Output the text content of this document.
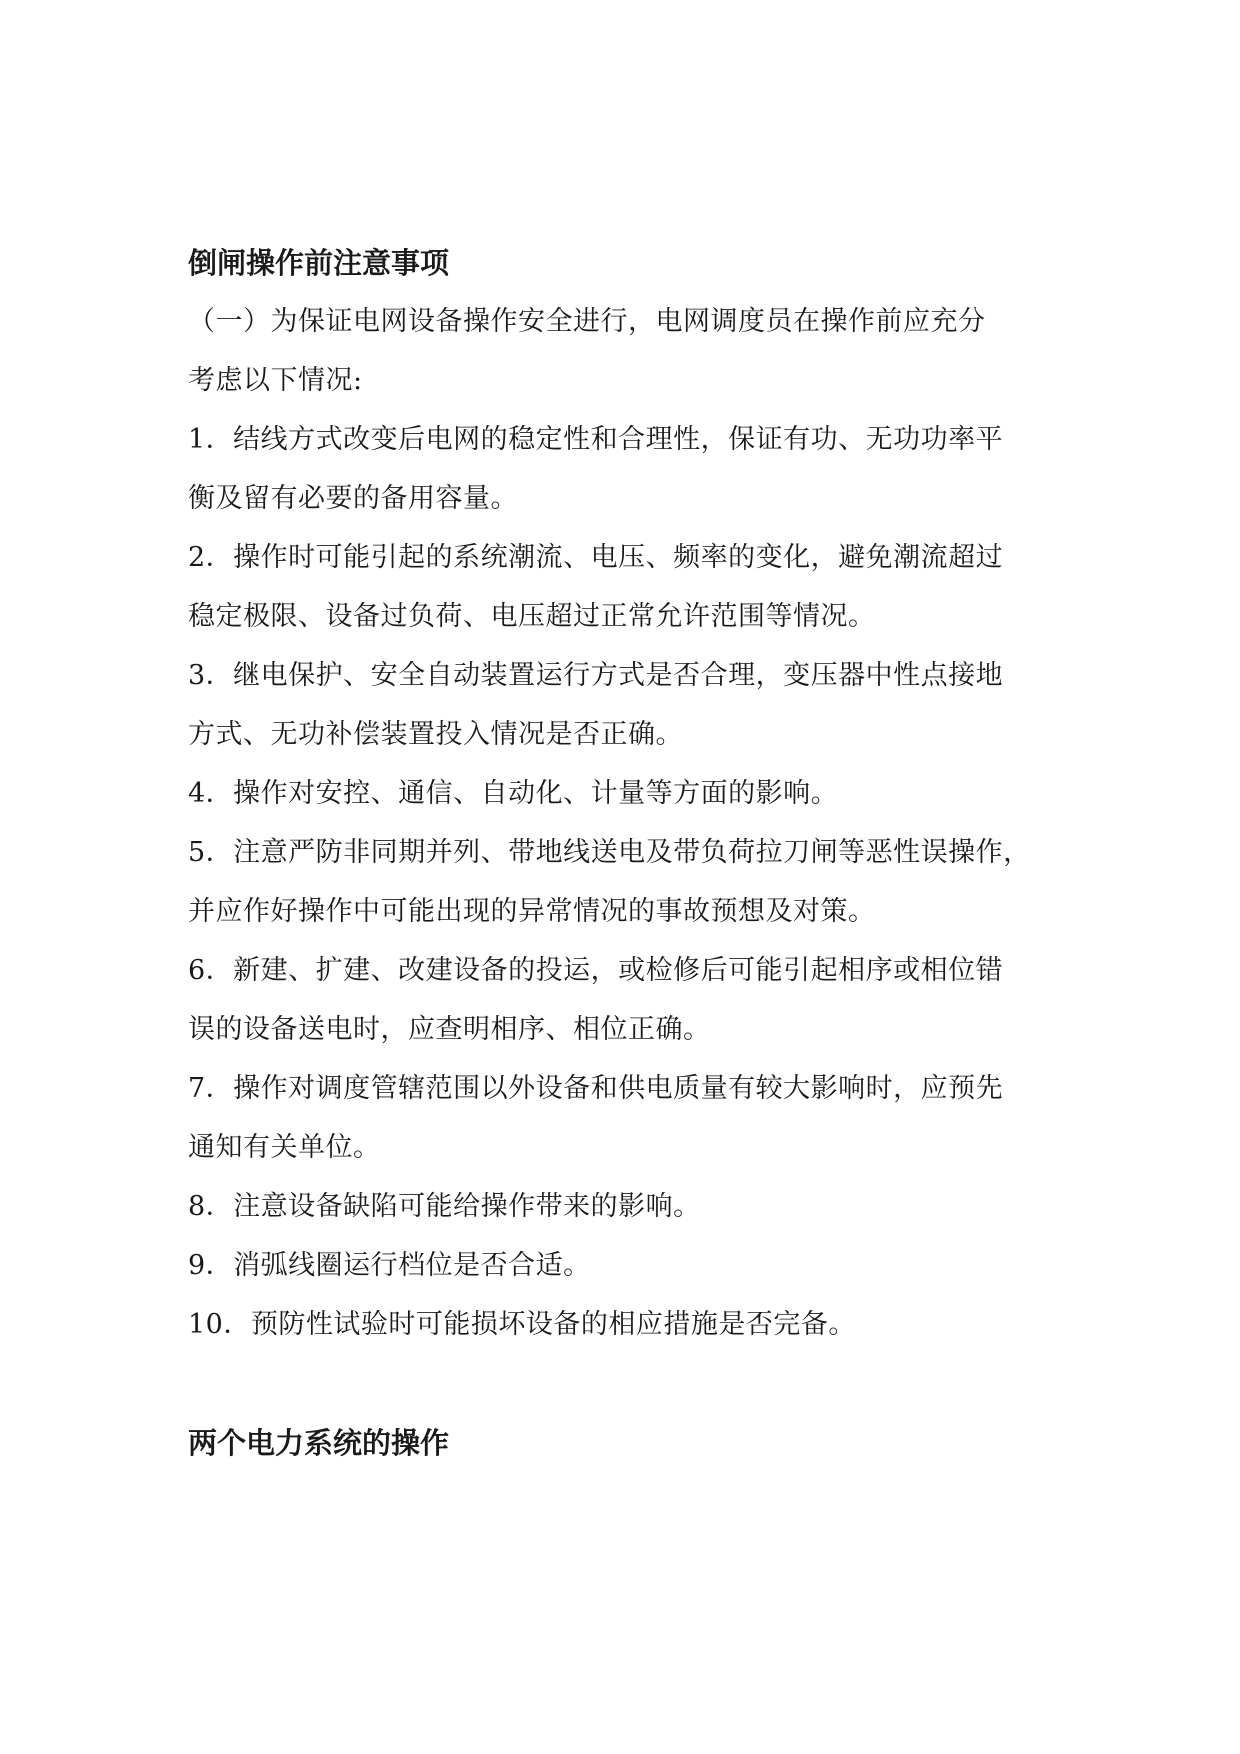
倒闸操作前注意事项

（一）为保证电网设备操作安全进行，电网调度员在操作前应充分

考虑以下情况:

1．结线方式改变后电网的稳定性和合理性，保证有功、无功功率平

衡及留有必要的备用容量。

2．操作时可能引起的系统潮流、电压、频率的变化，避免潮流超过

稳定极限、设备过负荷、电压超过正常允许范围等情况。

3．继电保护、安全自动装置运行方式是否合理，变压器中性点接地

方式、无功补偿装置投入情况是否正确。

4．操作对安控、通信、自动化、计量等方面的影响。

5．注意严防非同期并列、带地线送电及带负荷拉刀闸等恶性误操作，

并应作好操作中可能出现的异常情况的事故预想及对策。

6．新建、扩建、改建设备的投运，或检修后可能引起相序或相位错

误的设备送电时，应查明相序、相位正确。

7．操作对调度管辖范围以外设备和供电质量有较大影响时，应预先

通知有关单位。

8．注意设备缺陷可能给操作带来的影响。

9．消弧线圈运行档位是否合适。

10．预防性试验时可能损坏设备的相应措施是否完备。

两个电力系统的操作
